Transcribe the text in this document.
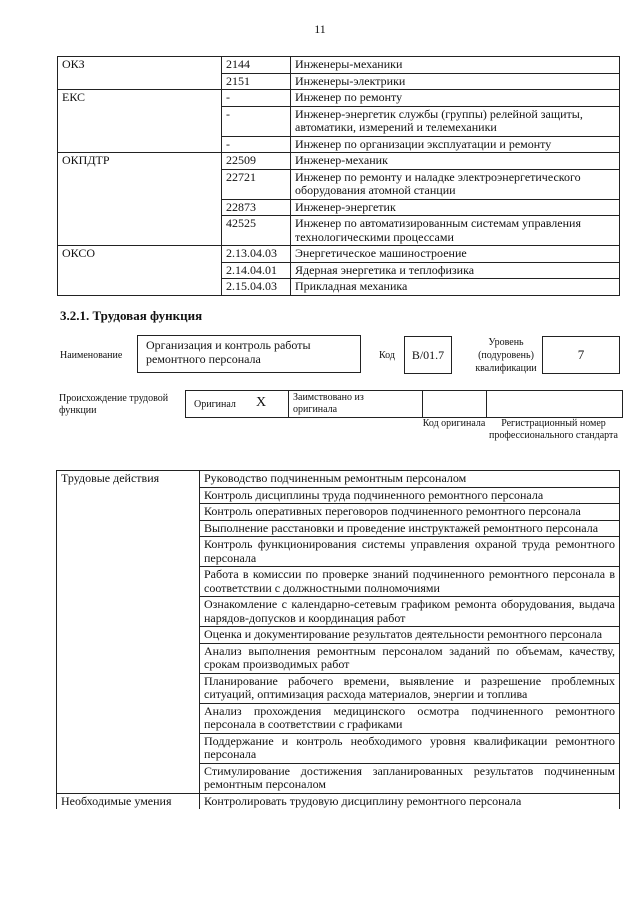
11
ОКЗ	2144	Инженеры-механики
	2151	Инженеры-электрики
ЕКС	-	Инженер по ремонту
	-	Инженер-энергетик службы (группы) релейной защиты, автоматики, измерений и телемеханики
	-	Инженер по организации эксплуатации и ремонту
ОКПДТР	22509	Инженер-механик
	22721	Инженер по ремонту и наладке электроэнергетического оборудования атомной станции
	22873	Инженер-энергетик
	42525	Инженер по автоматизированным системам управления технологическими процессами
ОКСО	2.13.04.03	Энергетическое машиностроение
	2.14.04.01	Ядерная энергетика и теплофизика
	2.15.04.03	Прикладная механика
3.2.1. Трудовая функция
Наименование
Организация и контроль работы ремонтного персонала	Код	B/01.7
Уровень (подуровень) квалификации
7
Происхождение трудовой функции
Оригинал X	Заимствовано из оригинала
Код оригинала	Регистрационный номер профессионального стандарта
Трудовые действия	Руководство подчиненным ремонтным персоналом
	Контроль дисциплины труда подчиненного ремонтного персонала
	Контроль оперативных переговоров подчиненного ремонтного персонала
	Выполнение расстановки и проведение инструктажей ремонтного персонала
	Контроль функционирования системы управления охраной труда ремонтного персонала
	Работа в комиссии по проверке знаний подчиненного ремонтного персонала в соответствии с должностными полномочиями
	Ознакомление с календарно-сетевым графиком ремонта оборудования, выдача нарядов-допусков и координация работ
	Оценка и документирование результатов деятельности ремонтного персонала
	Анализ выполнения ремонтным персоналом заданий по объемам, качеству, срокам производимых работ
	Планирование рабочего времени, выявление и разрешение проблемных ситуаций, оптимизация расхода материалов, энергии и топлива
	Анализ прохождения медицинского осмотра подчиненного ремонтного персонала в соответствии с графиками
	Поддержание и контроль необходимого уровня квалификации ремонтного персонала
	Стимулирование достижения запланированных результатов подчиненным ремонтным персоналом
Необходимые умения	Контролировать трудовую дисциплину ремонтного персонала
